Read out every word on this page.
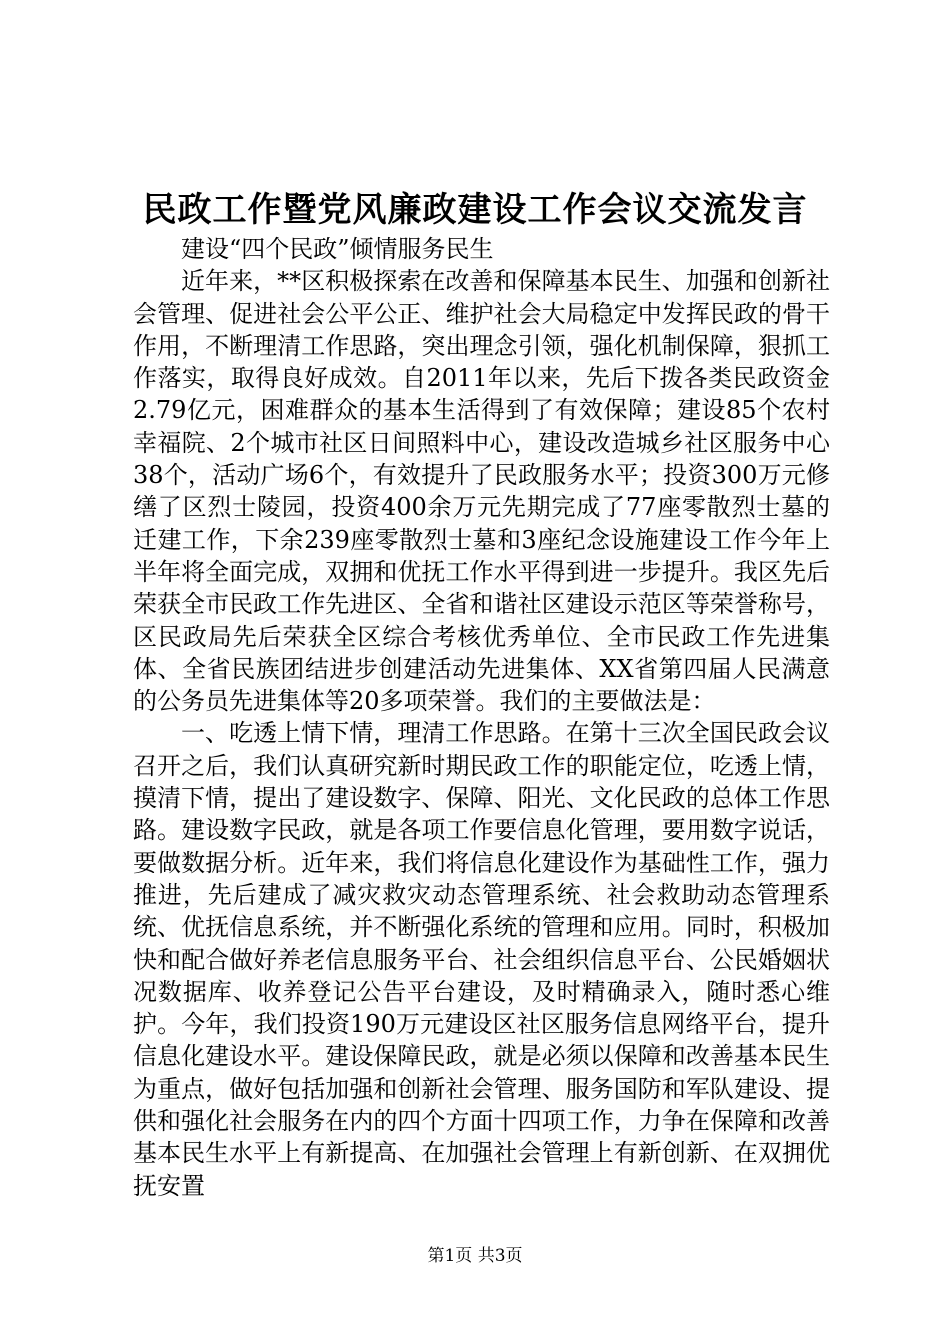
民政工作暨党风廉政建设工作会议交流发言

建设“四个民政”倾情服务民生

近年来，**区积极探索在改善和保障基本民生、加强和创新社会管理、促进社会公平公正、维护社会大局稳定中发挥民政的骨干作用，不断理清工作思路，突出理念引领，强化机制保障，狠抓工作落实，取得良好成效。自2011年以来，先后下拨各类民政资金2.79亿元，困难群众的基本生活得到了有效保障；建设85个农村幸福院、2个城市社区日间照料中心，建设改造城乡社区服务中心38个，活动广场6个，有效提升了民政服务水平；投资300万元修缮了区烈士陵园，投资400余万元先期完成了77座零散烈士墓的迁建工作，下余239座零散烈士墓和3座纪念设施建设工作今年上半年将全面完成，双拥和优抚工作水平得到进一步提升。我区先后荣获全市民政工作先进区、全省和谐社区建设示范区等荣誉称号，区民政局先后荣获全区综合考核优秀单位、全市民政工作先进集体、全省民族团结进步创建活动先进集体、XX省第四届人民满意的公务员先进集体等20多项荣誉。我们的主要做法是：

一、吃透上情下情，理清工作思路。在第十三次全国民政会议召开之后，我们认真研究新时期民政工作的职能定位，吃透上情，摸清下情，提出了建设数字、保障、阳光、文化民政的总体工作思路。建设数字民政，就是各项工作要信息化管理，要用数字说话，要做数据分析。近年来，我们将信息化建设作为基础性工作，强力推进，先后建成了减灾救灾动态管理系统、社会救助动态管理系统、优抚信息系统，并不断强化系统的管理和应用。同时，积极加快和配合做好养老信息服务平台、社会组织信息平台、公民婚姻状况数据库、收养登记公告平台建设，及时精确录入，随时悉心维护。今年，我们投资190万元建设区社区服务信息网络平台，提升信息化建设水平。建设保障民政，就是必须以保障和改善基本民生为重点，做好包括加强和创新社会管理、服务国防和军队建设、提供和强化社会服务在内的四个方面十四项工作，力争在保障和改善基本民生水平上有新提高、在加强社会管理上有新创新、在双拥优抚安置

第1页 共3页
